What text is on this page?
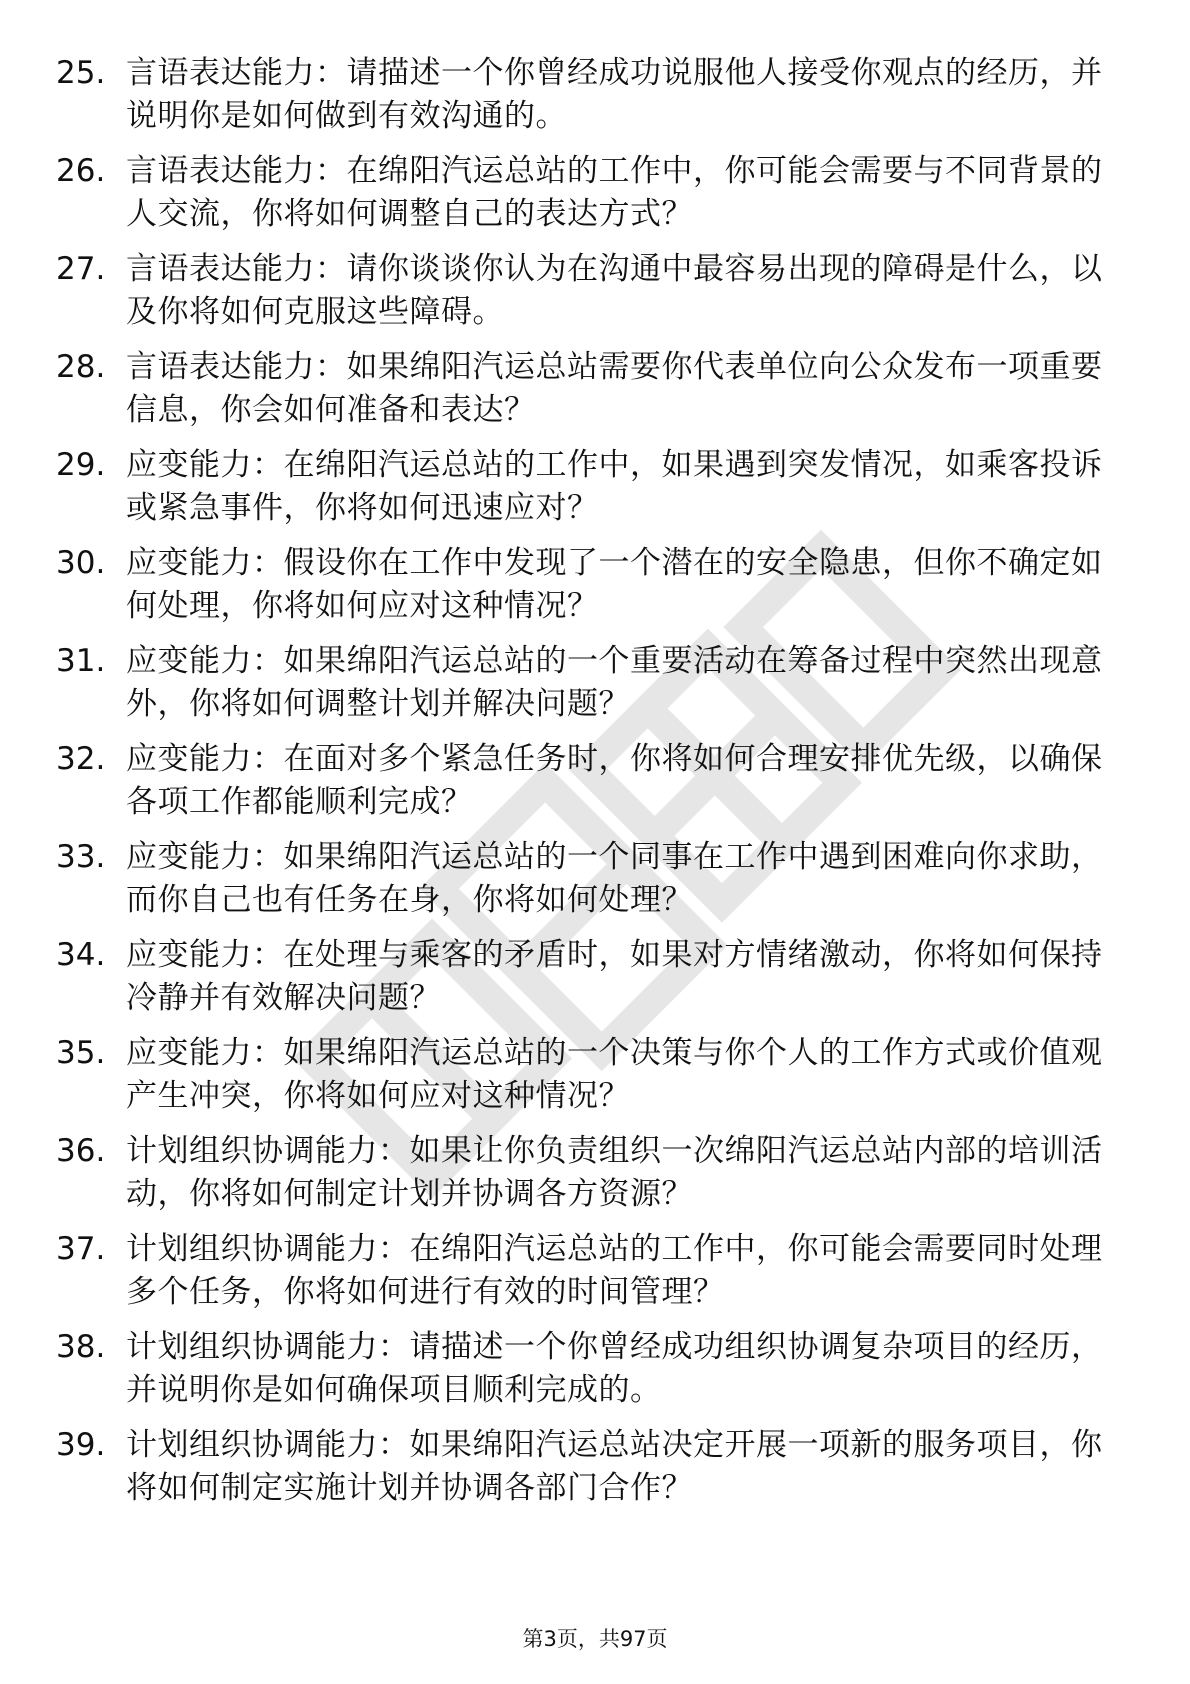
25. 言语表达能力：请描述一个你曾经成功说服他人接受你观点的经历，并说明你是如何做到有效沟通的。
26. 言语表达能力：在绵阳汽运总站的工作中，你可能会需要与不同背景的人交流，你将如何调整自己的表达方式？
27. 言语表达能力：请你谈谈你认为在沟通中最容易出现的障碍是什么，以及你将如何克服这些障碍。
28. 言语表达能力：如果绵阳汽运总站需要你代表单位向公众发布一项重要信息，你会如何准备和表达？
29. 应变能力：在绵阳汽运总站的工作中，如果遇到突发情况，如乘客投诉或紧急事件，你将如何迅速应对？
30. 应变能力：假设你在工作中发现了一个潜在的安全隐患，但你不确定如何处理，你将如何应对这种情况？
31. 应变能力：如果绵阳汽运总站的一个重要活动在筹备过程中突然出现意外，你将如何调整计划并解决问题？
32. 应变能力：在面对多个紧急任务时，你将如何合理安排优先级，以确保各项工作都能顺利完成？
33. 应变能力：如果绵阳汽运总站的一个同事在工作中遇到困难向你求助，而你自己也有任务在身，你将如何处理？
34. 应变能力：在处理与乘客的矛盾时，如果对方情绪激动，你将如何保持冷静并有效解决问题？
35. 应变能力：如果绵阳汽运总站的一个决策与你个人的工作方式或价值观产生冲突，你将如何应对这种情况？
36. 计划组织协调能力：如果让你负责组织一次绵阳汽运总站内部的培训活动，你将如何制定计划并协调各方资源？
37. 计划组织协调能力：在绵阳汽运总站的工作中，你可能会需要同时处理多个任务，你将如何进行有效的时间管理？
38. 计划组织协调能力：请描述一个你曾经成功组织协调复杂项目的经历，并说明你是如何确保项目顺利完成的。
39. 计划组织协调能力：如果绵阳汽运总站决定开展一项新的服务项目，你将如何制定实施计划并协调各部门合作？
第3页，共97页
